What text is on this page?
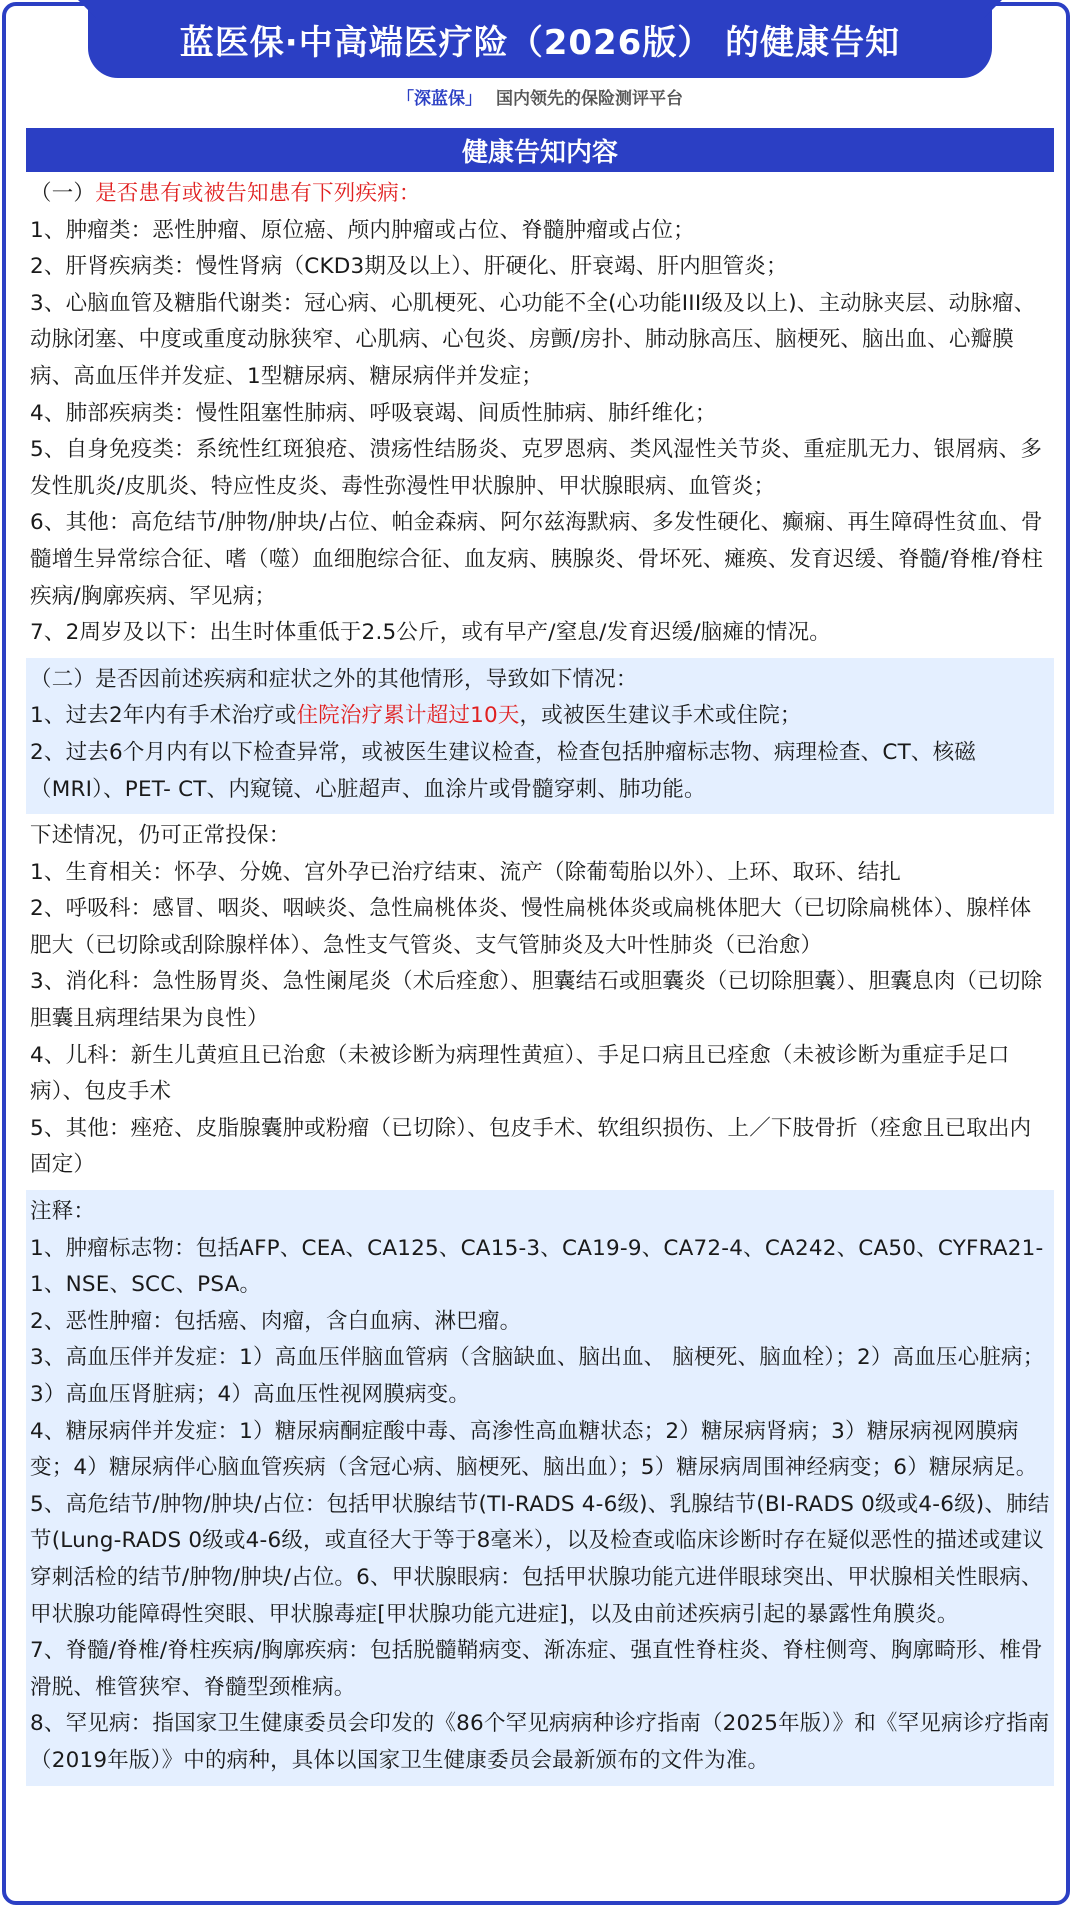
蓝医保·中高端医疗险（2026版） 的健康告知
「深蓝保」 国内领先的保险测评平台
健康告知内容

（一）是否患有或被告知患有下列疾病：

1、肿瘤类：恶性肿瘤、原位癌、颅内肿瘤或占位、脊髓肿瘤或占位；

2、肝肾疾病类：慢性肾病（CKD3期及以上）、肝硬化、肝衰竭、肝内胆管炎；

3、心脑血管及糖脂代谢类：冠心病、心肌梗死、心功能不全(心功能III级及以上)、主动脉夹层、动脉瘤、动脉闭塞、中度或重度动脉狭窄、心肌病、心包炎、房颤/房扑、肺动脉高压、脑梗死、脑出血、心瓣膜病、高血压伴并发症、1型糖尿病、糖尿病伴并发症；

4、肺部疾病类：慢性阻塞性肺病、呼吸衰竭、间质性肺病、肺纤维化；

5、自身免疫类：系统性红斑狼疮、溃疡性结肠炎、克罗恩病、类风湿性关节炎、重症肌无力、银屑病、多发性肌炎/皮肌炎、特应性皮炎、毒性弥漫性甲状腺肿、甲状腺眼病、血管炎；

6、其他：高危结节/肿物/肿块/占位、帕金森病、阿尔兹海默病、多发性硬化、癫痫、再生障碍性贫血、骨髓增生异常综合征、嗜（噬）血细胞综合征、血友病、胰腺炎、骨坏死、瘫痪、发育迟缓、脊髓/脊椎/脊柱疾病/胸廓疾病、罕见病；

7、2周岁及以下：出生时体重低于2.5公斤，或有早产/窒息/发育迟缓/脑瘫的情况。

（二）是否因前述疾病和症状之外的其他情形，导致如下情况：

1、过去2年内有手术治疗或住院治疗累计超过10天，或被医生建议手术或住院；

2、过去6个月内有以下检查异常，或被医生建议检查，检查包括肿瘤标志物、病理检查、CT、核磁（MRI）、PET- CT、内窥镜、心脏超声、血涂片或骨髓穿刺、肺功能。

下述情况，仍可正常投保：

1、生育相关：怀孕、分娩、宫外孕已治疗结束、流产（除葡萄胎以外）、上环、取环、结扎

2、呼吸科：感冒、咽炎、咽峡炎、急性扁桃体炎、慢性扁桃体炎或扁桃体肥大（已切除扁桃体）、腺样体肥大（已切除或刮除腺样体）、急性支气管炎、支气管肺炎及大叶性肺炎（已治愈）

3、消化科：急性肠胃炎、急性阑尾炎（术后痊愈）、胆囊结石或胆囊炎（已切除胆囊）、胆囊息肉（已切除胆囊且病理结果为良性）

4、儿科：新生儿黄疸且已治愈（未被诊断为病理性黄疸）、手足口病且已痊愈（未被诊断为重症手足口病）、包皮手术

5、其他：痤疮、皮脂腺囊肿或粉瘤（已切除）、包皮手术、软组织损伤、上／下肢骨折（痊愈且已取出内固定）

注释：

1、肿瘤标志物：包括AFP、CEA、CA125、CA15-3、CA19-9、CA72-4、CA242、CA50、CYFRA21-1、NSE、SCC、PSA。

2、恶性肿瘤：包括癌、肉瘤，含白血病、淋巴瘤。

3、高血压伴并发症：1）高血压伴脑血管病（含脑缺血、脑出血、 脑梗死、脑血栓）；2）高血压心脏病；3）高血压肾脏病；4）高血压性视网膜病变。

4、糖尿病伴并发症：1）糖尿病酮症酸中毒、高渗性高血糖状态；2）糖尿病肾病；3）糖尿病视网膜病变；4）糖尿病伴心脑血管疾病（含冠心病、脑梗死、脑出血）；5）糖尿病周围神经病变；6）糖尿病足。

5、高危结节/肿物/肿块/占位：包括甲状腺结节(TI-RADS 4-6级)、乳腺结节(BI-RADS 0级或4-6级)、肺结节(Lung-RADS 0级或4-6级，或直径大于等于8毫米），以及检查或临床诊断时存在疑似恶性的描述或建议穿刺活检的结节/肿物/肿块/占位。6、甲状腺眼病：包括甲状腺功能亢进伴眼球突出、甲状腺相关性眼病、甲状腺功能障碍性突眼、甲状腺毒症[甲状腺功能亢进症]，以及由前述疾病引起的暴露性角膜炎。

7、脊髓/脊椎/脊柱疾病/胸廓疾病：包括脱髓鞘病变、渐冻症、强直性脊柱炎、脊柱侧弯、胸廓畸形、椎骨滑脱、椎管狭窄、脊髓型颈椎病。

8、罕见病：指国家卫生健康委员会印发的《86个罕见病病种诊疗指南（2025年版）》和《罕见病诊疗指南（2019年版）》中的病种，具体以国家卫生健康委员会最新颁布的文件为准。
